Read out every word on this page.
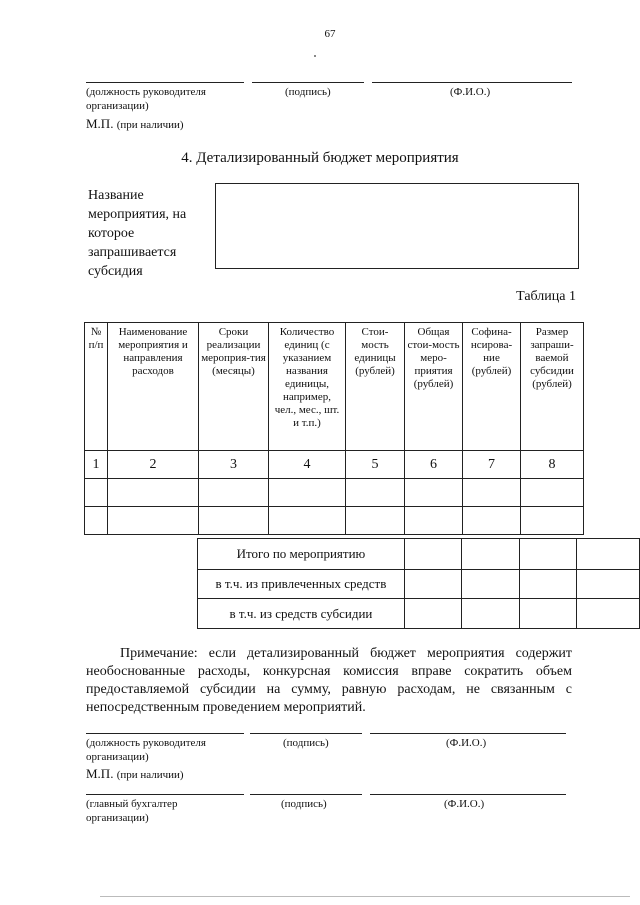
67
(должность руководителя организации)
(подпись)	(Ф.И.О.)
М.П. (при наличии)
4. Детализированный бюджет мероприятия
Название мероприятия, на которое запрашивается субсидия
Таблица 1
№ п/п	Наименование мероприятия и направления расходов	Сроки реализации мероприя-тия (месяцы)	Количество единиц (с указанием названия единицы, например, чел., мес., шт. и т.п.)	Стои-мость единицы (рублей)	Общая стои-мость меро-приятия (рублей)	Софина-нсирова-ние (рублей)	Размер запраши-ваемой субсидии (рублей)
1	2	3	4	5	6	7	8

Итого по мероприятию				
в т.ч. из привлеченных средств				
в т.ч. из средств субсидии				

Примечание: если детализированный бюджет мероприятия содержит необоснованные расходы, конкурсная комиссия вправе сократить объем предоставляемой субсидии на сумму, равную расходам, не связанным с непосредственным проведением мероприятий.

(должность руководителя организации)
(подпись)	(Ф.И.О.)
М.П. (при наличии)
(главный бухгалтер организации)
(подпись)	(Ф.И.О.)
